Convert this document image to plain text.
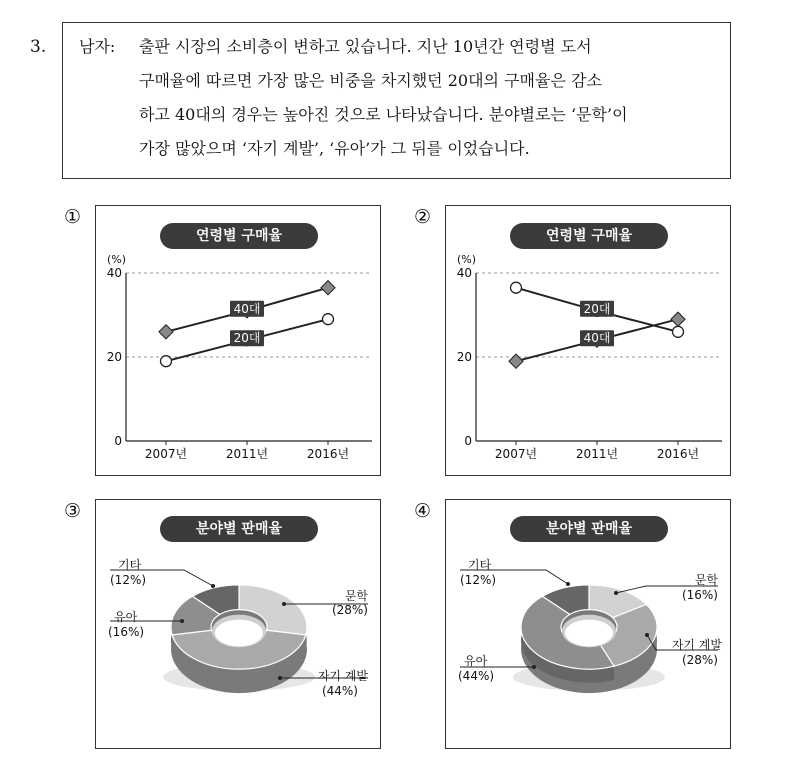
3. 남자: 출판 시장의 소비층이 변하고 있습니다. 지난 10년간 연령별 도서
구매율에 따르면 가장 많은 비중을 차지했던 20대의 구매율은 감소
하고 40대의 경우는 높아진 것으로 나타났습니다. 분야별로는 ‘문학’이
가장 많았으며 ‘자기 계발’, ‘유아’가 그 뒤를 이었습니다.
①	②
③	④
0
20
40
2007년	2011년	2016년
40대
20대
연령별 구매율
(%)
0
20
40
2007년	2011년	2016년
20대
40대
연령별 구매율
(%)
분야별 판매율
문학
(28%)
자기 계발
(44%)
유아
(16%)
기타
(12%)
분야별 판매율
문학
(16%)
자기 계발
(28%)
유아
(44%)
기타
(12%)
